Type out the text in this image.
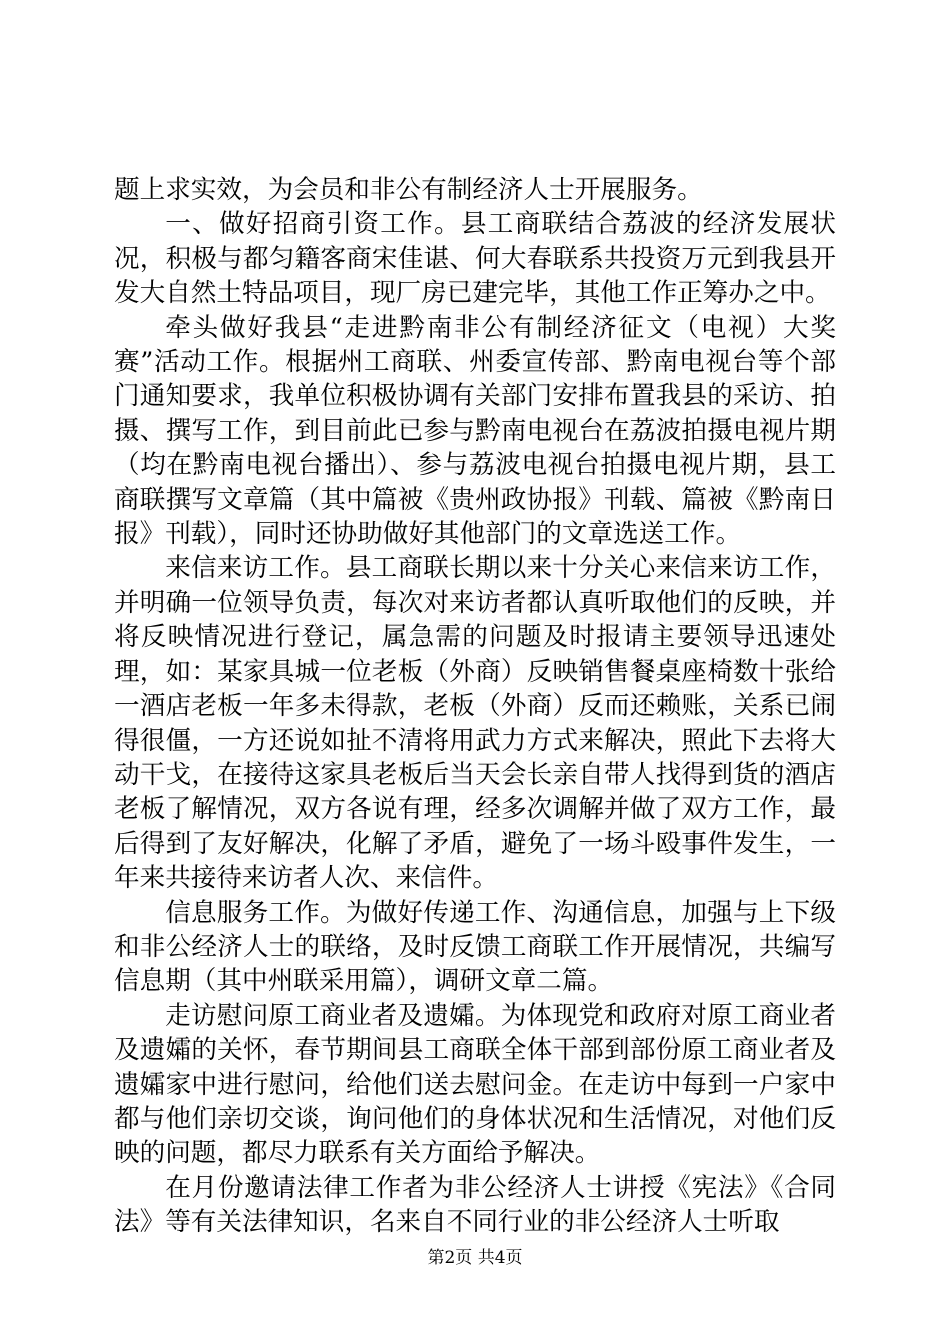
题上求实效，为会员和非公有制经济人士开展服务。

一、做好招商引资工作。县工商联结合荔波的经济发展状况，积极与都匀籍客商宋佳谌、何大春联系共投资万元到我县开发大自然土特品项目，现厂房已建完毕，其他工作正筹办之中。

牵头做好我县“走进黔南非公有制经济征文（电视）大奖赛”活动工作。根据州工商联、州委宣传部、黔南电视台等个部门通知要求，我单位积极协调有关部门安排布置我县的采访、拍摄、撰写工作，到目前此已参与黔南电视台在荔波拍摄电视片期（均在黔南电视台播出）、参与荔波电视台拍摄电视片期，县工商联撰写文章篇（其中篇被《贵州政协报》刊载、篇被《黔南日报》刊载），同时还协助做好其他部门的文章选送工作。

来信来访工作。县工商联长期以来十分关心来信来访工作，并明确一位领导负责，每次对来访者都认真听取他们的反映，并将反映情况进行登记，属急需的问题及时报请主要领导迅速处理，如：某家具城一位老板（外商）反映销售餐桌座椅数十张给一酒店老板一年多未得款，老板（外商）反而还赖账，关系已闹得很僵，一方还说如扯不清将用武力方式来解决，照此下去将大动干戈，在接待这家具老板后当天会长亲自带人找得到货的酒店老板了解情况，双方各说有理，经多次调解并做了双方工作，最后得到了友好解决，化解了矛盾，避免了一场斗殴事件发生，一年来共接待来访者人次、来信件。

信息服务工作。为做好传递工作、沟通信息，加强与上下级和非公经济人士的联络，及时反馈工商联工作开展情况，共编写信息期（其中州联采用篇），调研文章二篇。

走访慰问原工商业者及遗孀。为体现党和政府对原工商业者及遗孀的关怀，春节期间县工商联全体干部到部份原工商业者及遗孀家中进行慰问，给他们送去慰问金。在走访中每到一户家中都与他们亲切交谈，询问他们的身体状况和生活情况，对他们反映的问题，都尽力联系有关方面给予解决。

在月份邀请法律工作者为非公经济人士讲授《宪法》《合同法》等有关法律知识，名来自不同行业的非公经济人士听取

第2页 共4页
